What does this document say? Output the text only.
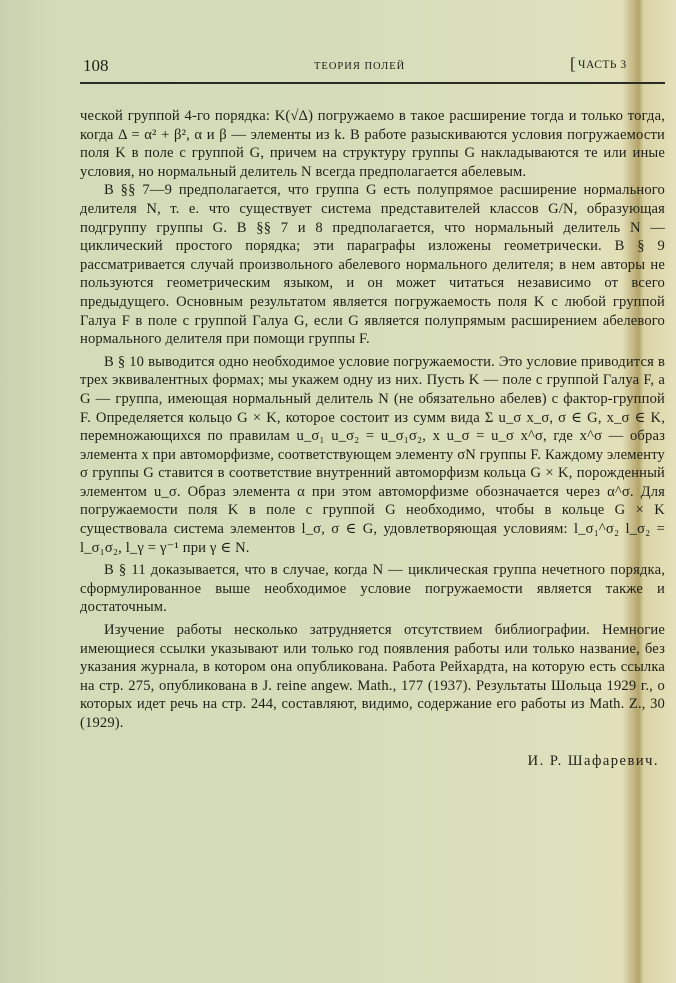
108	ТЕОРИЯ ПОЛЕЙ	[ ЧАСТЬ 3

ческой группой 4-го порядка: K(√Δ) погружаемо в такое расширение тогда и только тогда, когда Δ = α² + β², α и β — элементы из k. В работе разыскиваются условия погружаемости поля K в поле с группой G, причем на структуру группы G накладываются те или иные условия, но нормальный делитель N всегда предполагается абелевым.

В §§ 7—9 предполагается, что группа G есть полупрямое расширение нормального делителя N, т. е. что существует система представителей классов G/N, образующая подгруппу группы G. В §§ 7 и 8 предполагается, что нормальный делитель N — циклический простого порядка; эти параграфы изложены геометрически. В § 9 рассматривается случай произвольного абелевого нормального делителя; в нем авторы не пользуются геометрическим языком, и он может читаться независимо от всего предыдущего. Основным результатом является погружаемость поля K с любой группой Галуа F в поле с группой Галуа G, если G является полупрямым расширением абелевого нормального делителя при помощи группы F.

В § 10 выводится одно необходимое условие погружаемости. Это условие приводится в трех эквивалентных формах; мы укажем одну из них. Пусть K — поле с группой Галуа F, а G — группа, имеющая нормальный делитель N (не обязательно абелев) с фактор-группой F. Определяется кольцо G × K, которое состоит из сумм вида Σ u_σ x_σ, σ ∈ G, x_σ ∈ K, перемножающихся по правилам u_σ₁ u_σ₂ = u_σ₁σ₂, x u_σ = u_σ x^σ, где x^σ — образ элемента x при автоморфизме, соответствующем элементу σN группы F. Каждому элементу σ группы G ставится в соответствие внутренний автоморфизм кольца G × K, порожденный элементом u_σ. Образ элемента α при этом автоморфизме обозначается через α^σ. Для погружаемости поля K в поле с группой G необходимо, чтобы в кольце G × K существовала система элементов l_σ, σ ∈ G, удовлетворяющая условиям: l_σ₁^σ₂ l_σ₂ = l_σ₁σ₂, l_γ = γ⁻¹ при γ ∈ N.

В § 11 доказывается, что в случае, когда N — циклическая группа нечетного порядка, сформулированное выше необходимое условие погружаемости является также и достаточным.

Изучение работы несколько затрудняется отсутствием библиографии. Немногие имеющиеся ссылки указывают или только год появления работы или только название, без указания журнала, в котором она опубликована. Работа Рейхардта, на которую есть ссылка на стр. 275, опубликована в J. reine angew. Math., 177 (1937). Результаты Шольца 1929 г., о которых идет речь на стр. 244, составляют, видимо, содержание его работы из Math. Z., 30 (1929).

И. Р. Шафаревич.
